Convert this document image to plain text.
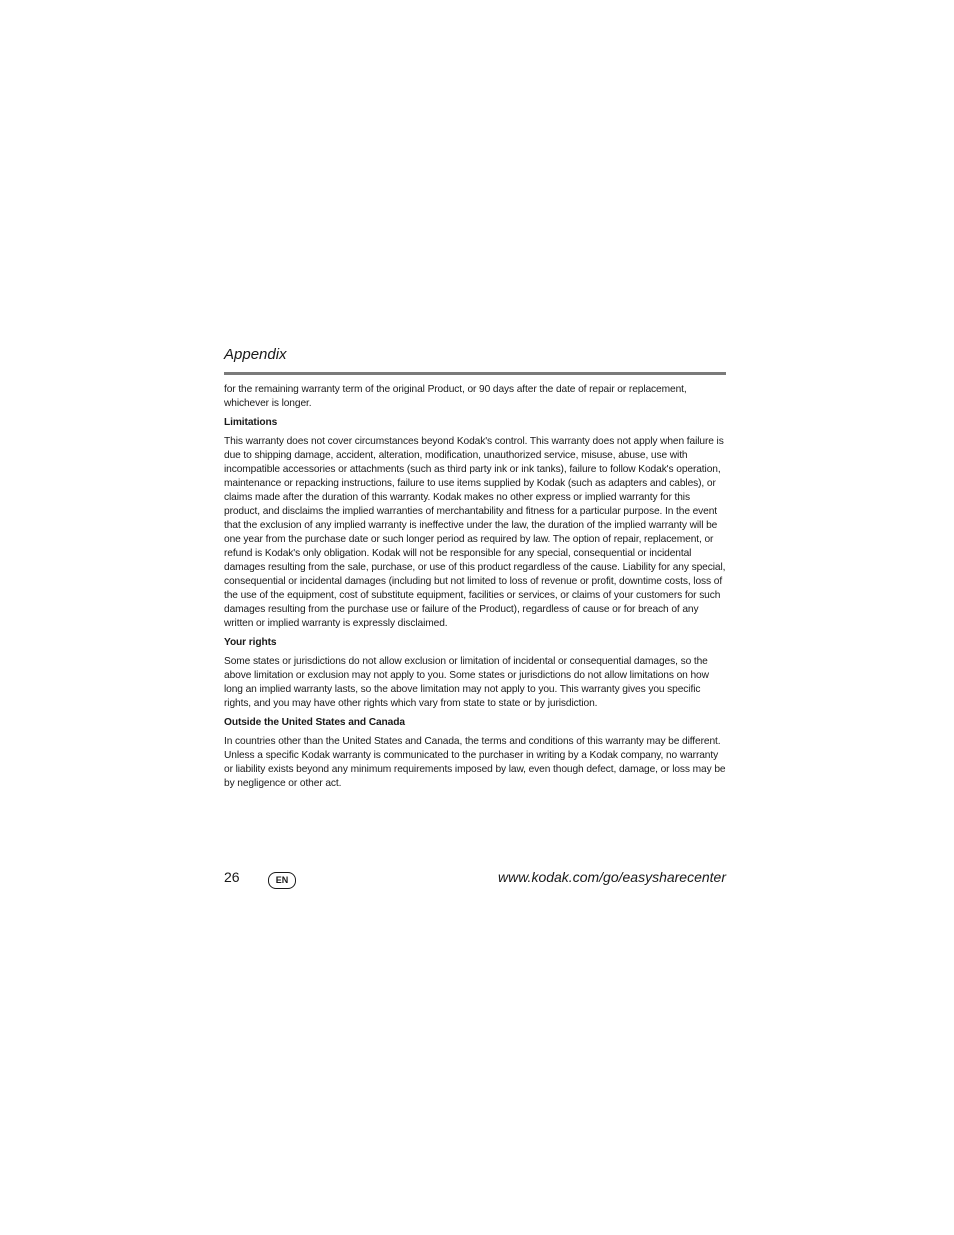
Appendix

for the remaining warranty term of the original Product, or 90 days after the date of repair or replacement, whichever is longer.

Limitations

This warranty does not cover circumstances beyond Kodak's control. This warranty does not apply when failure is due to shipping damage, accident, alteration, modification, unauthorized service, misuse, abuse, use with incompatible accessories or attachments (such as third party ink or ink tanks), failure to follow Kodak's operation, maintenance or repacking instructions, failure to use items supplied by Kodak (such as adapters and cables), or claims made after the duration of this warranty. Kodak makes no other express or implied warranty for this product, and disclaims the implied warranties of merchantability and fitness for a particular purpose. In the event that the exclusion of any implied warranty is ineffective under the law, the duration of the implied warranty will be one year from the purchase date or such longer period as required by law. The option of repair, replacement, or refund is Kodak's only obligation. Kodak will not be responsible for any special, consequential or incidental damages resulting from the sale, purchase, or use of this product regardless of the cause. Liability for any special, consequential or incidental damages (including but not limited to loss of revenue or profit, downtime costs, loss of the use of the equipment, cost of substitute equipment, facilities or services, or claims of your customers for such damages resulting from the purchase use or failure of the Product), regardless of cause or for breach of any written or implied warranty is expressly disclaimed.

Your rights

Some states or jurisdictions do not allow exclusion or limitation of incidental or consequential damages, so the above limitation or exclusion may not apply to you. Some states or jurisdictions do not allow limitations on how long an implied warranty lasts, so the above limitation may not apply to you. This warranty gives you specific rights, and you may have other rights which vary from state to state or by jurisdiction.

Outside the United States and Canada

In countries other than the United States and Canada, the terms and conditions of this warranty may be different. Unless a specific Kodak warranty is communicated to the purchaser in writing by a Kodak company, no warranty or liability exists beyond any minimum requirements imposed by law, even though defect, damage, or loss may be by negligence or other act.

26	EN	www.kodak.com/go/easysharecenter
